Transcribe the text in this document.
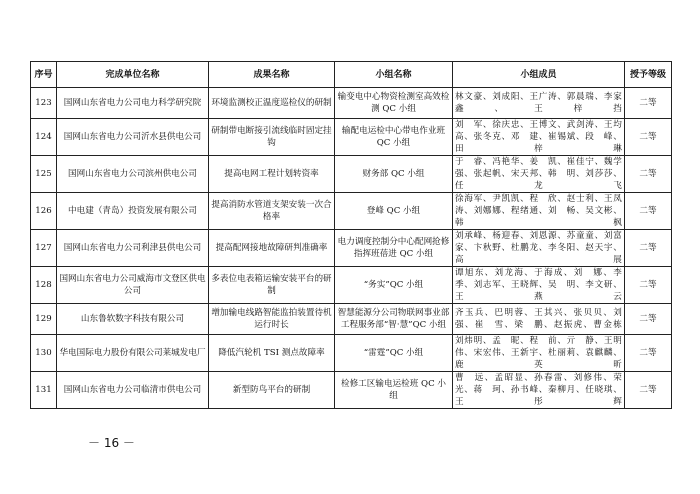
序号	完成单位名称	成果名称	小组名称	小组成员	授予等级
123	国网山东省电力公司电力科学研究院	环境监测校正温度巡检仪的研制	输变电中心物资检测室高效检测 QC 小组	林文豪、刘成阳、王广涛、郭晨瑞、李家鑫、王梓挡	二等
124	国网山东省电力公司沂水县供电公司	研制带电断接引流线临时固定挂钩	输配电运检中心带电作业班 QC 小组	刘　军、徐庆忠、王博文、武剑涛、王均高、张冬克、邓　建、崔锡斌、段　峰、田梓琳	二等
125	国网山东省电力公司滨州供电公司	提高电网工程计划转资率	财务部 QC 小组	于　睿、冯艳华、姜　凯、崔佳宁、魏学强、张起帆、宋天邦、韩　明、刘莎莎、任龙飞	二等
126	中电建（青岛）投资发展有限公司	提高消防水管道支架安装一次合格率	登峰 QC 小组	徐海军、尹凯凯、程　欣、赵士利、王凤涛、刘娜娜、程绪通、刘　畅、吴文彬、韩　枫	二等
127	国网山东省电力公司利津县供电公司	提高配网接地故障研判准确率	电力调度控制分中心配网抢修指挥班蓓进 QC 小组	刘承峰、杨迎春、刘恩源、苏童童、刘富家、卞秋野、杜鹏龙、李冬阳、赵天宇、高　展	二等
128	国网山东省电力公司威海市文登区供电公司	多表位电表箱运输安装平台的研制	“务实”QC 小组	谭旭东、刘龙海、于海成、刘　娜、李　季、刘志军、王晓辉、吴　明、李文研、王燕云	二等
129	山东鲁软数字科技有限公司	增加输电线路智能监拍装置待机运行时长	智慧能源分公司物联网事业部工程服务部“智·慧”QC 小组	齐玉兵、巴明蓉、王其兴、张贝贝、刘　强、崔　雪、梁　鹏、赵振虎、曹金栋	二等
130	华电国际电力股份有限公司莱城发电厂	降低汽轮机 TSI 测点故障率	“雷霆”QC 小组	刘炜明、孟　昵、程　前、亓　静、王明伟、宋宏伟、王新宇、杜丽莉、袁麒麟、鹿英昕	二等
131	国网山东省电力公司临清市供电公司	新型防鸟平台的研制	检修工区输电运检班 QC 小组	曹　远、孟昭显、孙春雷、刘修伟、荣　光、蒋　珂、孙书峰、秦柳月、任晓琪、王彤辉	二等
－ 16 －
